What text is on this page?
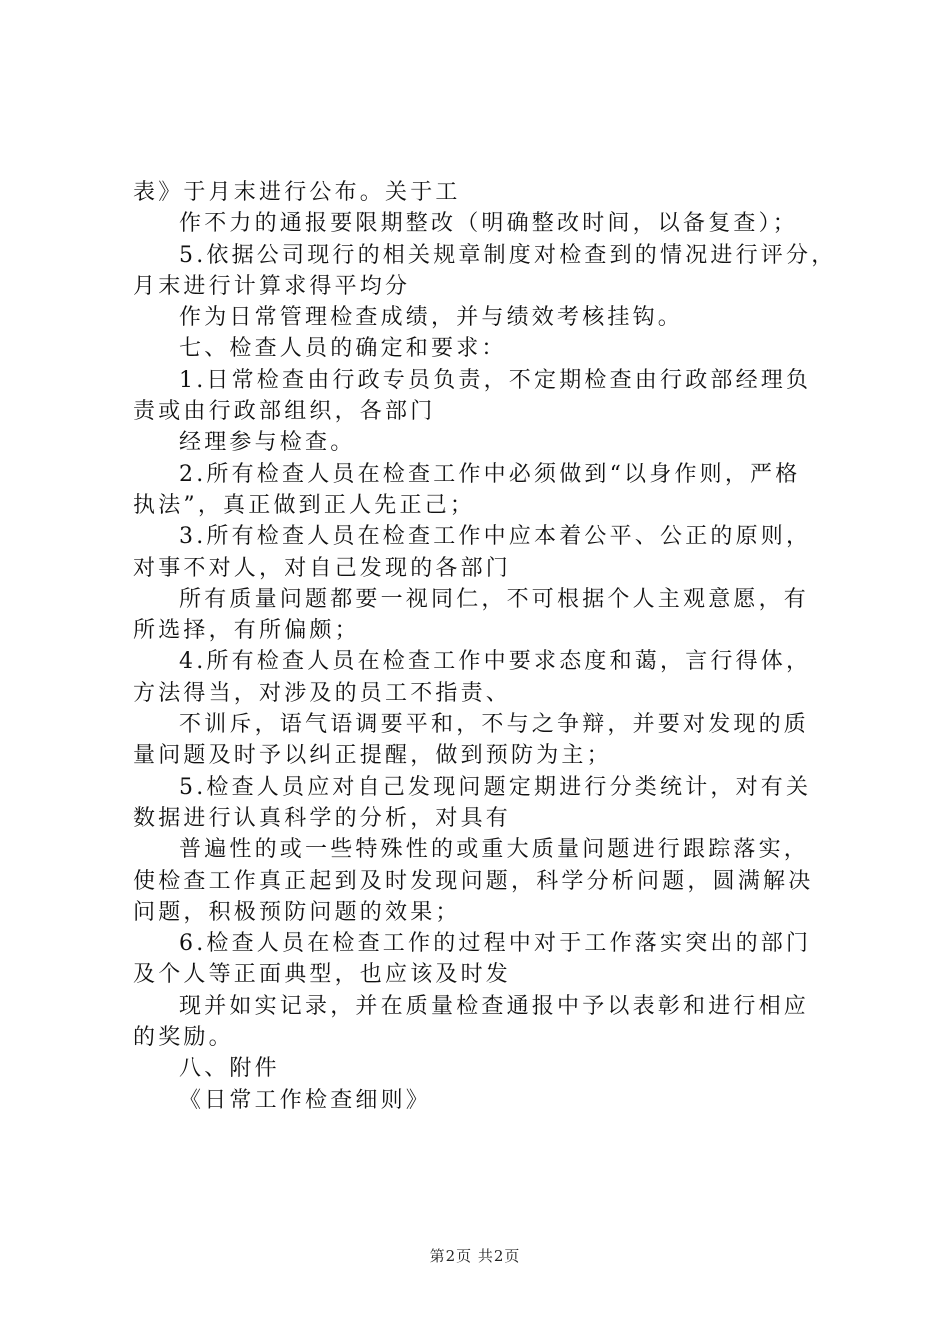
表》于月末进行公布。关于工
作不力的通报要限期整改（明确整改时间，以备复查）；
5.依据公司现行的相关规章制度对检查到的情况进行评分，
月末进行计算求得平均分
作为日常管理检查成绩，并与绩效考核挂钩。
七、检查人员的确定和要求：
1.日常检查由行政专员负责，不定期检查由行政部经理负
责或由行政部组织，各部门
经理参与检查。
2.所有检查人员在检查工作中必须做到“以身作则，严格
执法”，真正做到正人先正己；
3.所有检查人员在检查工作中应本着公平、公正的原则，
对事不对人，对自己发现的各部门
所有质量问题都要一视同仁，不可根据个人主观意愿，有
所选择，有所偏颇；
4.所有检查人员在检查工作中要求态度和蔼，言行得体，
方法得当，对涉及的员工不指责、
不训斥，语气语调要平和，不与之争辩，并要对发现的质
量问题及时予以纠正提醒，做到预防为主；
5.检查人员应对自己发现问题定期进行分类统计，对有关
数据进行认真科学的分析，对具有
普遍性的或一些特殊性的或重大质量问题进行跟踪落实，
使检查工作真正起到及时发现问题，科学分析问题，圆满解决
问题，积极预防问题的效果；
6.检查人员在检查工作的过程中对于工作落实突出的部门
及个人等正面典型，也应该及时发
现并如实记录，并在质量检查通报中予以表彰和进行相应
的奖励。
八、附件
《日常工作检查细则》
第2页 共2页
